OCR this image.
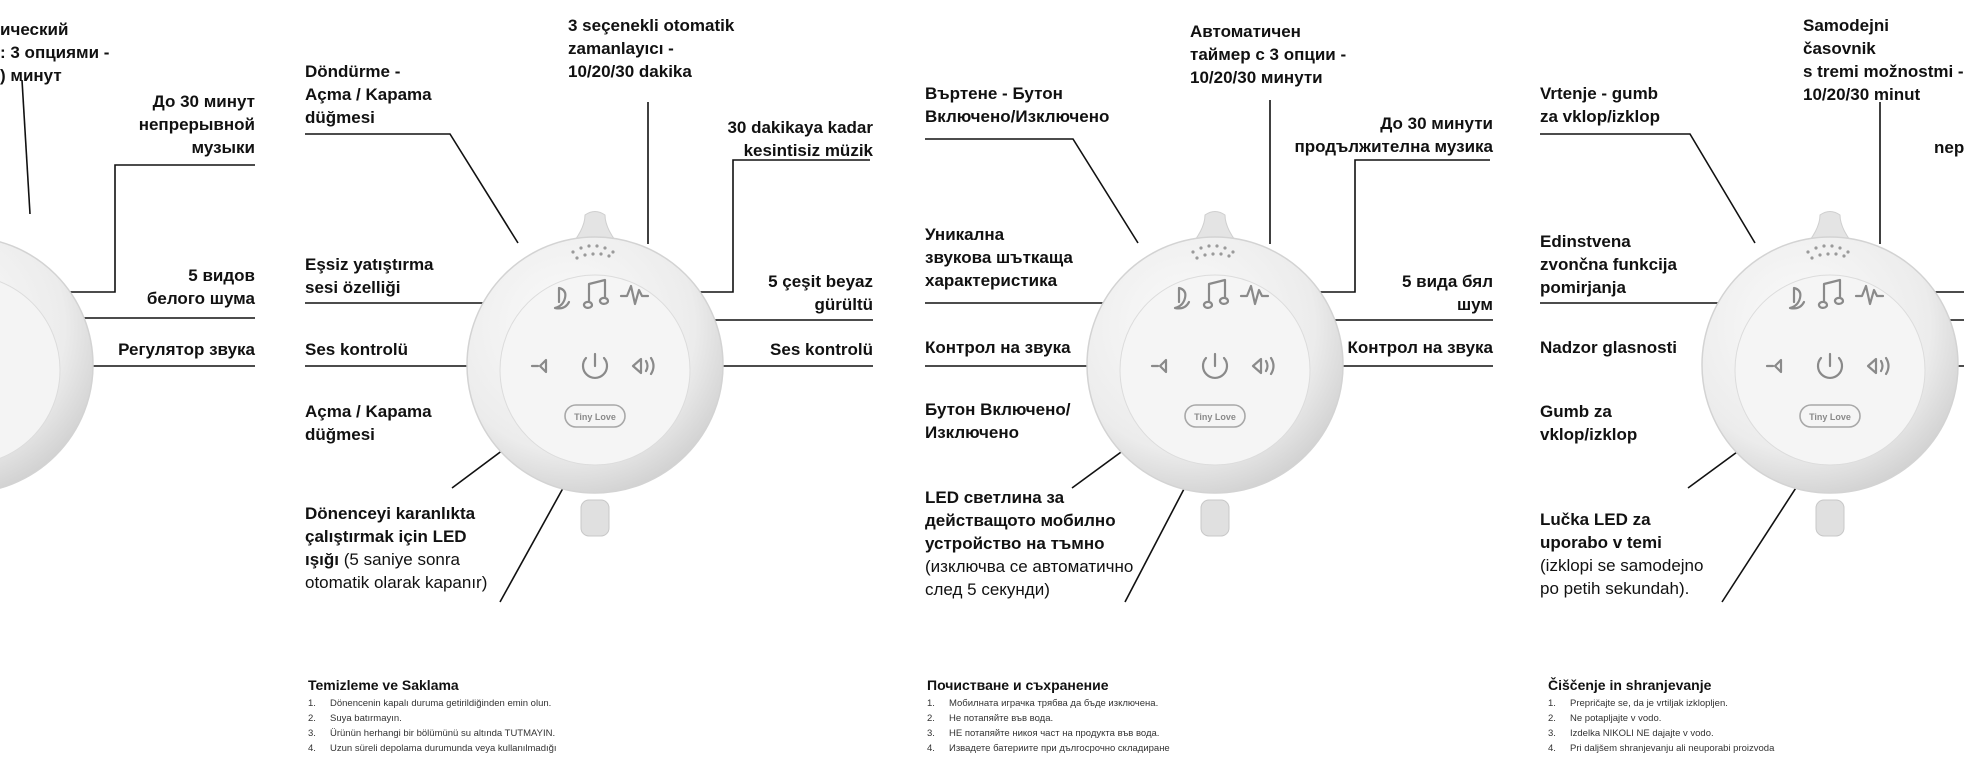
Tiny Love	Tiny Love	Tiny Love
ический
: 3 опциями -
) минут
До 30 минут
непрерывной
музыки
5 видов
белого шума
Регулятор звука
Döndürme -
Açma / Kapama
düğmesi
3 seçenekli otomatik
zamanlayıcı -
10/20/30 dakika
30 dakikaya kadar
kesintisiz müzik
Eşsiz yatıştırma
sesi özelliği	5 çeşit beyaz
gürültü
Ses kontrolü	Ses kontrolü
Açma / Kapama
düğmesi
Dönenceyi karanlıkta
çalıştırmak için LED
ışığı (5 saniye sonra
otomatik olarak kapanır)
Въртене - Бутон
Включено/Изключено
Автоматичен
таймер с 3 опции -
10/20/30 минути
До 30 минути
продължителна музика
Уникална
звукова шъткаща
характеристика	5 вида бял
шум
Контрол на звука	Контрол на звука
Бутон Включено/
Изключено
LED светлина за
действащото мобилно
устройство на тъмно
(изключва се автоматично
след 5 секунди)
Vrtenje - gumb
za vklop/izklop
Samodejni časovnik
s tremi možnostmi -
10/20/30 minut
nep
Edinstvena
zvončna funkcija
pomirjanja
Nadzor glasnosti
Gumb za
vklop/izklop
Lučka LED za
uporabo v temi
(izklopi se samodejno
po petih sekundah).
Temizleme ve Saklama
1.	Dönencenin kapalı duruma getirildiğinden emin olun.
2.	Suya batırmayın.
3.	Ürünün herhangi bir bölümünü su altında TUTMAYIN.
4.	Uzun süreli depolama durumunda veya kullanılmadığı
Почистване и съхранение
1.	Мобилната играчка трябва да бъде изключена.
2.	Не потапяйте във вода.
3.	НЕ потапяйте никоя част на продукта във вода.
4.	Извадете батериите при дългосрочно складиране
Čiščenje in shranjevanje
1.	Prepričajte se, da je vrtiljak izklopljen.
2.	Ne potapljajte v vodo.
3.	Izdelka NIKOLI NE dajajte v vodo.
4.	Pri daljšem shranjevanju ali neuporabi proizvoda
